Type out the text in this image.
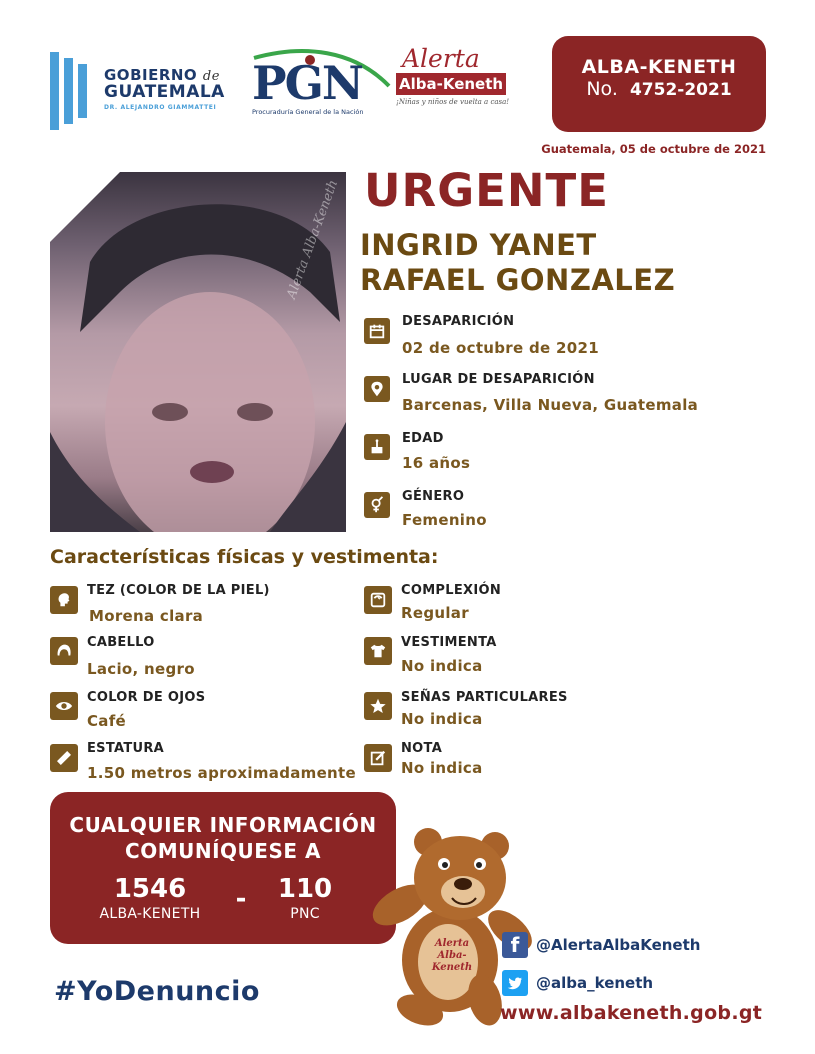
GOBIERNO de
GUATEMALA
DR. ALEJANDRO GIAMMATTEI PGN
Procuraduría General de la Nación
Alerta
Alba-Keneth
¡Niñas y niños de vuelta a casa!
ALBA-KENETH
No. 4752-2021
Guatemala, 05 de octubre de 2021
Alerta Alba-Keneth URGENTE
INGRID YANET
RAFAEL GONZALEZ
DESAPARICIÓN
02 de octubre de 2021
LUGAR DE DESAPARICIÓN
Barcenas, Villa Nueva, Guatemala
EDAD
16 años
GÉNERO
Femenino
Características físicas y vestimenta:
TEZ (COLOR DE LA PIEL)
Morena clara
CABELLO
Lacio, negro
COLOR DE OJOS
Café
ESTATURA
1.50 metros aproximadamente
COMPLEXIÓN
Regular
VESTIMENTA
No indica
SEÑAS PARTICULARES
No indica
NOTA
No indica
CUALQUIER INFORMACIÓN
COMUNÍQUESE A
1546
ALBA-KENETH	-	110
PNC
Alerta Alba-Keneth
#YoDenuncio
f	@AlertaAlbaKeneth
@alba_keneth
www.albakeneth.gob.gt
